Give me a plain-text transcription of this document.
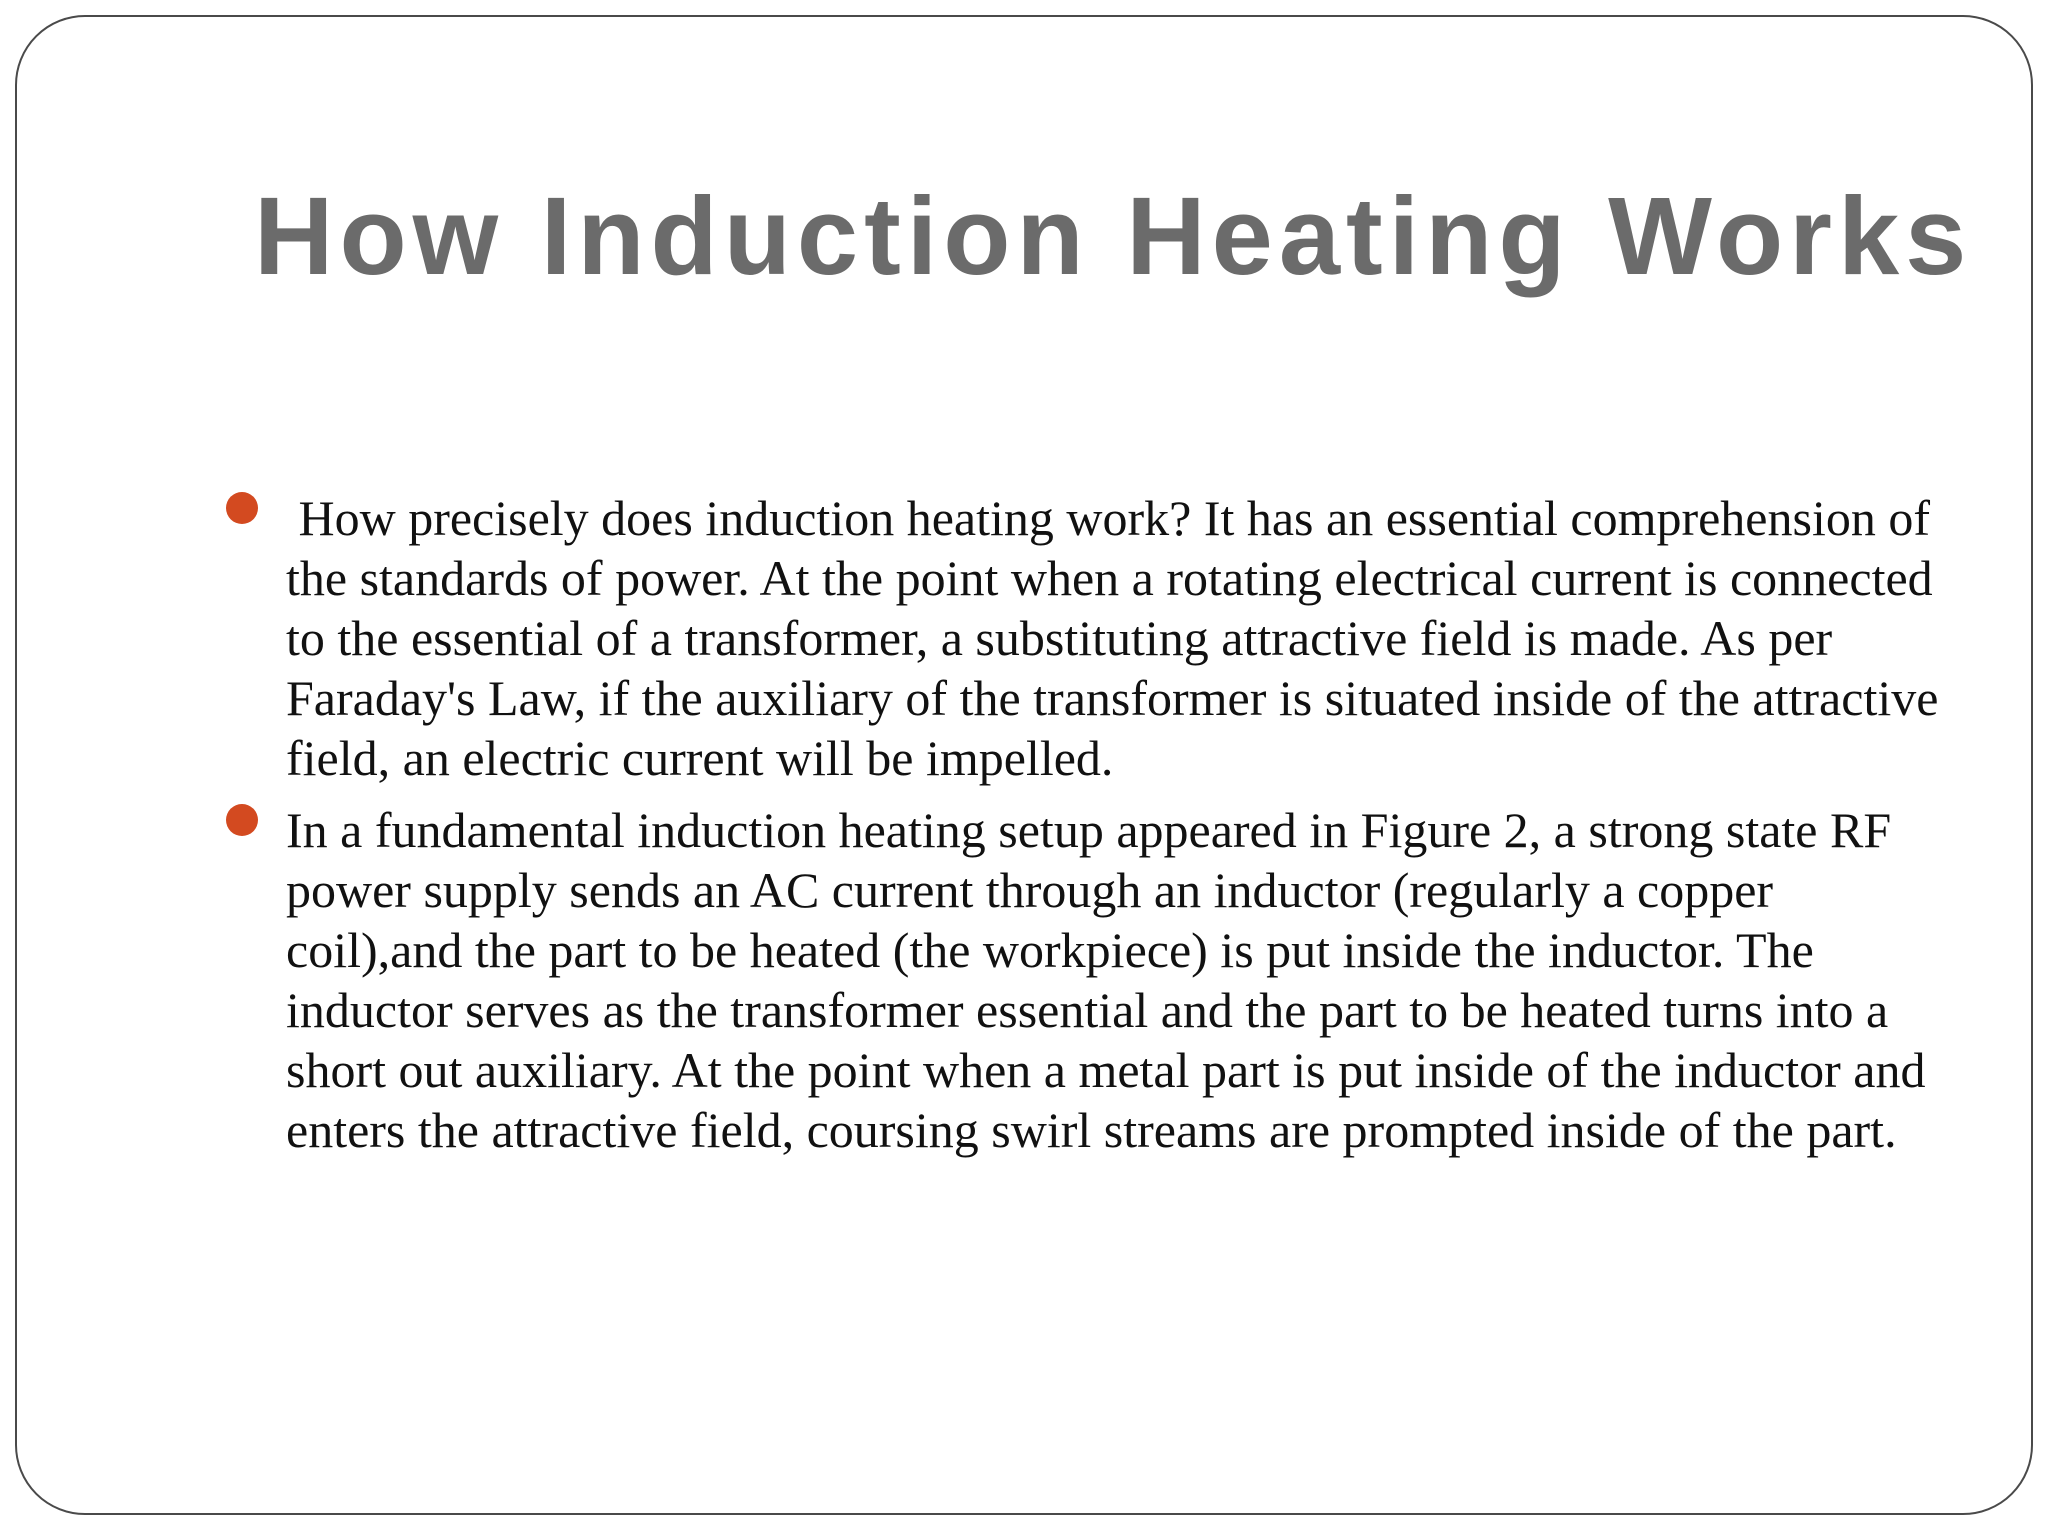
How Induction Heating Works
How precisely does induction heating work? It has an essential comprehension of the standards of power. At the point when a rotating electrical current is connected to the essential of a transformer, a substituting attractive field is made. As per Faraday's Law, if the auxiliary of the transformer is situated inside of the attractive field, an electric current will be impelled.
In a fundamental induction heating setup appeared in Figure 2, a strong state RF power supply sends an AC current through an inductor (regularly a copper coil),and the part to be heated (the workpiece) is put inside the inductor. The inductor serves as the transformer essential and the part to be heated turns into a short out auxiliary. At the point when a metal part is put inside of the inductor and enters the attractive field, coursing swirl streams are prompted inside of the part.
